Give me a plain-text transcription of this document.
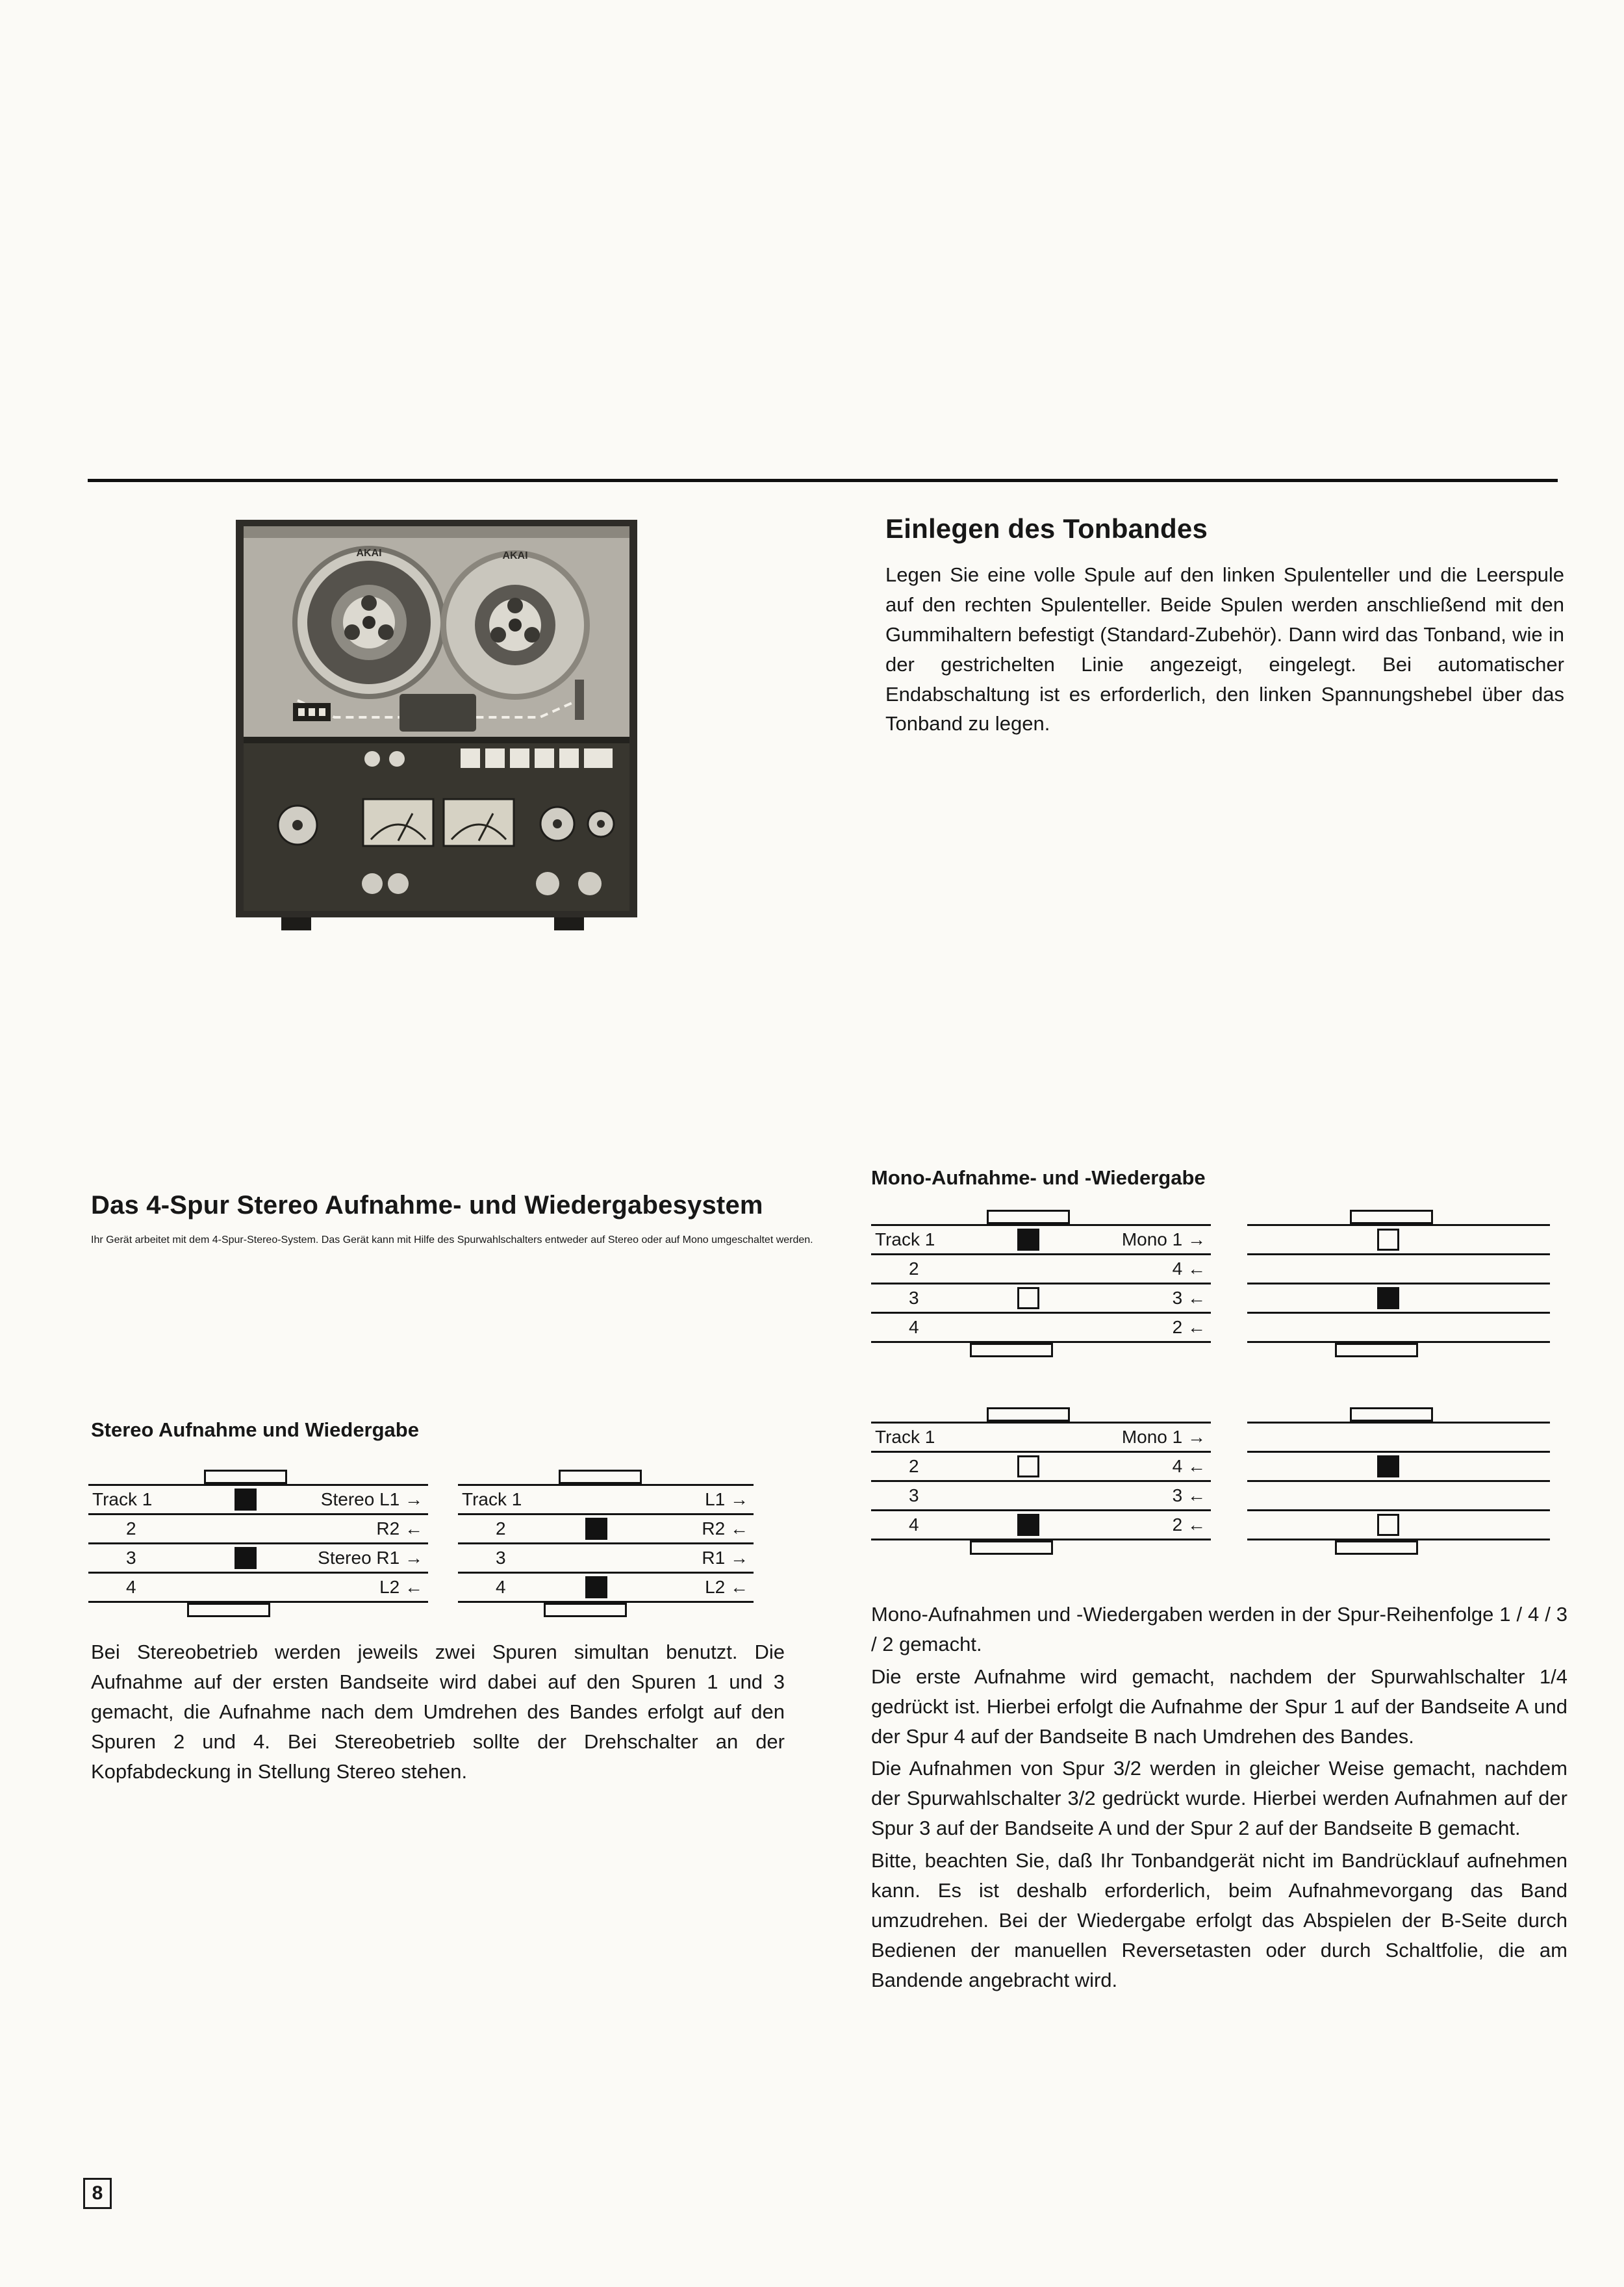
AKAI	AKAI
Einlegen des Tonbandes

Legen Sie eine volle Spule auf den linken Spulenteller und die Leerspule auf den rechten Spulenteller. Beide Spulen werden anschließend mit den Gummihaltern befestigt (Standard-Zubehör). Dann wird das Tonband, wie in der gestrichelten Linie angezeigt, eingelegt. Bei automatischer Endabschaltung ist es erforderlich, den linken Spannungshebel über das Tonband zu legen.

Das 4-Spur Stereo Aufnahme- und Wiedergabesystem

Ihr Gerät arbeitet mit dem 4-Spur-Stereo-System. Das Gerät kann mit Hilfe des Spurwahlschalters entweder auf Stereo oder auf Mono umgeschaltet werden.

Stereo Aufnahme und Wiedergabe
Track 1	Stereo L1 →
2	R2 ←
3	Stereo R1 →
4	L2 ←
Track 1	L1 →
2	R2 ←
3	R1 →
4	L2 ←

Bei Stereobetrieb werden jeweils zwei Spuren simultan benutzt. Die Aufnahme auf der ersten Bandseite wird dabei auf den Spuren 1 und 3 gemacht, die Aufnahme nach dem Umdrehen des Bandes erfolgt auf den Spuren 2 und 4. Bei Stereobetrieb sollte der Drehschalter an der Kopfabdeckung in Stellung Stereo stehen.

Mono-Aufnahme- und -Wiedergabe
Track 1	Mono 1 →
2	4 ←
3	3 ←
4	2 ←
Track 1	Mono 1 →
2	4 ←
3	3 ←
4	2 ←

Mono-Aufnahmen und -Wiedergaben werden in der Spur-Reihenfolge 1 / 4 / 3 / 2 gemacht.

Die erste Aufnahme wird gemacht, nachdem der Spurwahlschalter 1/4 gedrückt ist. Hierbei erfolgt die Aufnahme der Spur 1 auf der Bandseite A und der Spur 4 auf der Bandseite B nach Umdrehen des Bandes.

Die Aufnahmen von Spur 3/2 werden in gleicher Weise gemacht, nachdem der Spurwahlschalter 3/2 gedrückt wurde. Hierbei werden Aufnahmen auf der Spur 3 auf der Bandseite A und der Spur 2 auf der Bandseite B gemacht.

Bitte, beachten Sie, daß Ihr Tonbandgerät nicht im Bandrücklauf aufnehmen kann. Es ist deshalb erforderlich, beim Aufnahmevorgang das Band umzudrehen. Bei der Wiedergabe erfolgt das Abspielen der B-Seite durch Bedienen der manuellen Reversetasten oder durch Schaltfolie, die am Bandende angebracht wird.

8
